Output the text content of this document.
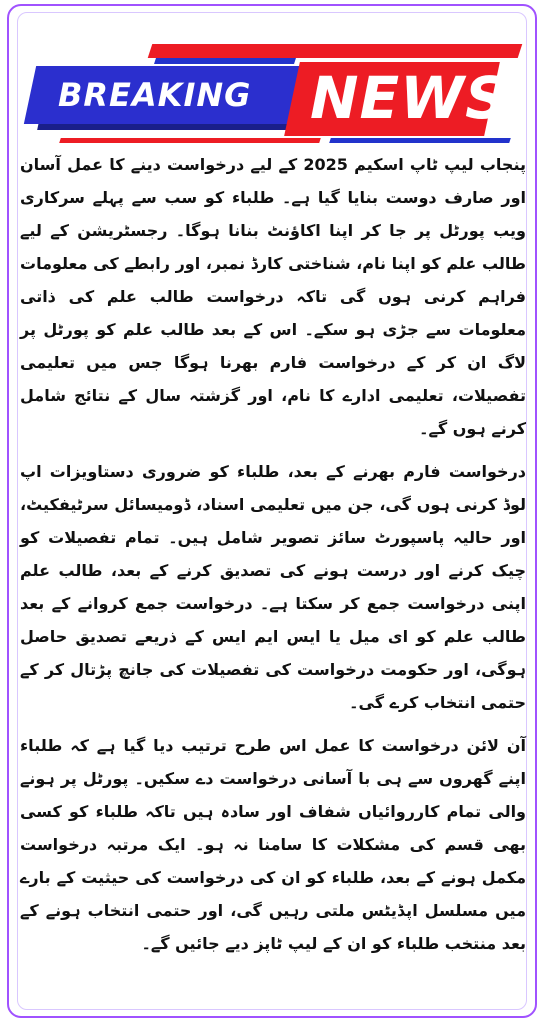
BREAKING	NEWS

پنجاب لیپ ٹاپ اسکیم 2025 کے لیے درخواست دینے کا عمل آسان اور صارف دوست بنایا گیا ہے۔ طلباء کو سب سے پہلے سرکاری ویب پورٹل پر جا کر اپنا اکاؤنٹ بنانا ہوگا۔ رجسٹریشن کے لیے طالب علم کو اپنا نام، شناختی کارڈ نمبر، اور رابطے کی معلومات فراہم کرنی ہوں گی تاکہ درخواست طالب علم کی ذاتی معلومات سے جڑی ہو سکے۔ اس کے بعد طالب علم کو پورٹل پر لاگ ان کر کے درخواست فارم بھرنا ہوگا جس میں تعلیمی تفصیلات، تعلیمی ادارے کا نام، اور گزشتہ سال کے نتائج شامل کرنے ہوں گے۔

درخواست فارم بھرنے کے بعد، طلباء کو ضروری دستاویزات اپ لوڈ کرنی ہوں گی، جن میں تعلیمی اسناد، ڈومیسائل سرٹیفکیٹ، اور حالیہ پاسپورٹ سائز تصویر شامل ہیں۔ تمام تفصیلات کو چیک کرنے اور درست ہونے کی تصدیق کرنے کے بعد، طالب علم اپنی درخواست جمع کر سکتا ہے۔ درخواست جمع کروانے کے بعد طالب علم کو ای میل یا ایس ایم ایس کے ذریعے تصدیق حاصل ہوگی، اور حکومت درخواست کی تفصیلات کی جانچ پڑتال کر کے حتمی انتخاب کرے گی۔

آن لائن درخواست کا عمل اس طرح ترتیب دیا گیا ہے کہ طلباء اپنے گھروں سے ہی با آسانی درخواست دے سکیں۔ پورٹل پر ہونے والی تمام کارروائیاں شفاف اور سادہ ہیں تاکہ طلباء کو کسی بھی قسم کی مشکلات کا سامنا نہ ہو۔ ایک مرتبہ درخواست مکمل ہونے کے بعد، طلباء کو ان کی درخواست کی حیثیت کے بارے میں مسلسل اپڈیٹس ملتی رہیں گی، اور حتمی انتخاب ہونے کے بعد منتخب طلباء کو ان کے لیپ ٹاپز دیے جائیں گے۔
